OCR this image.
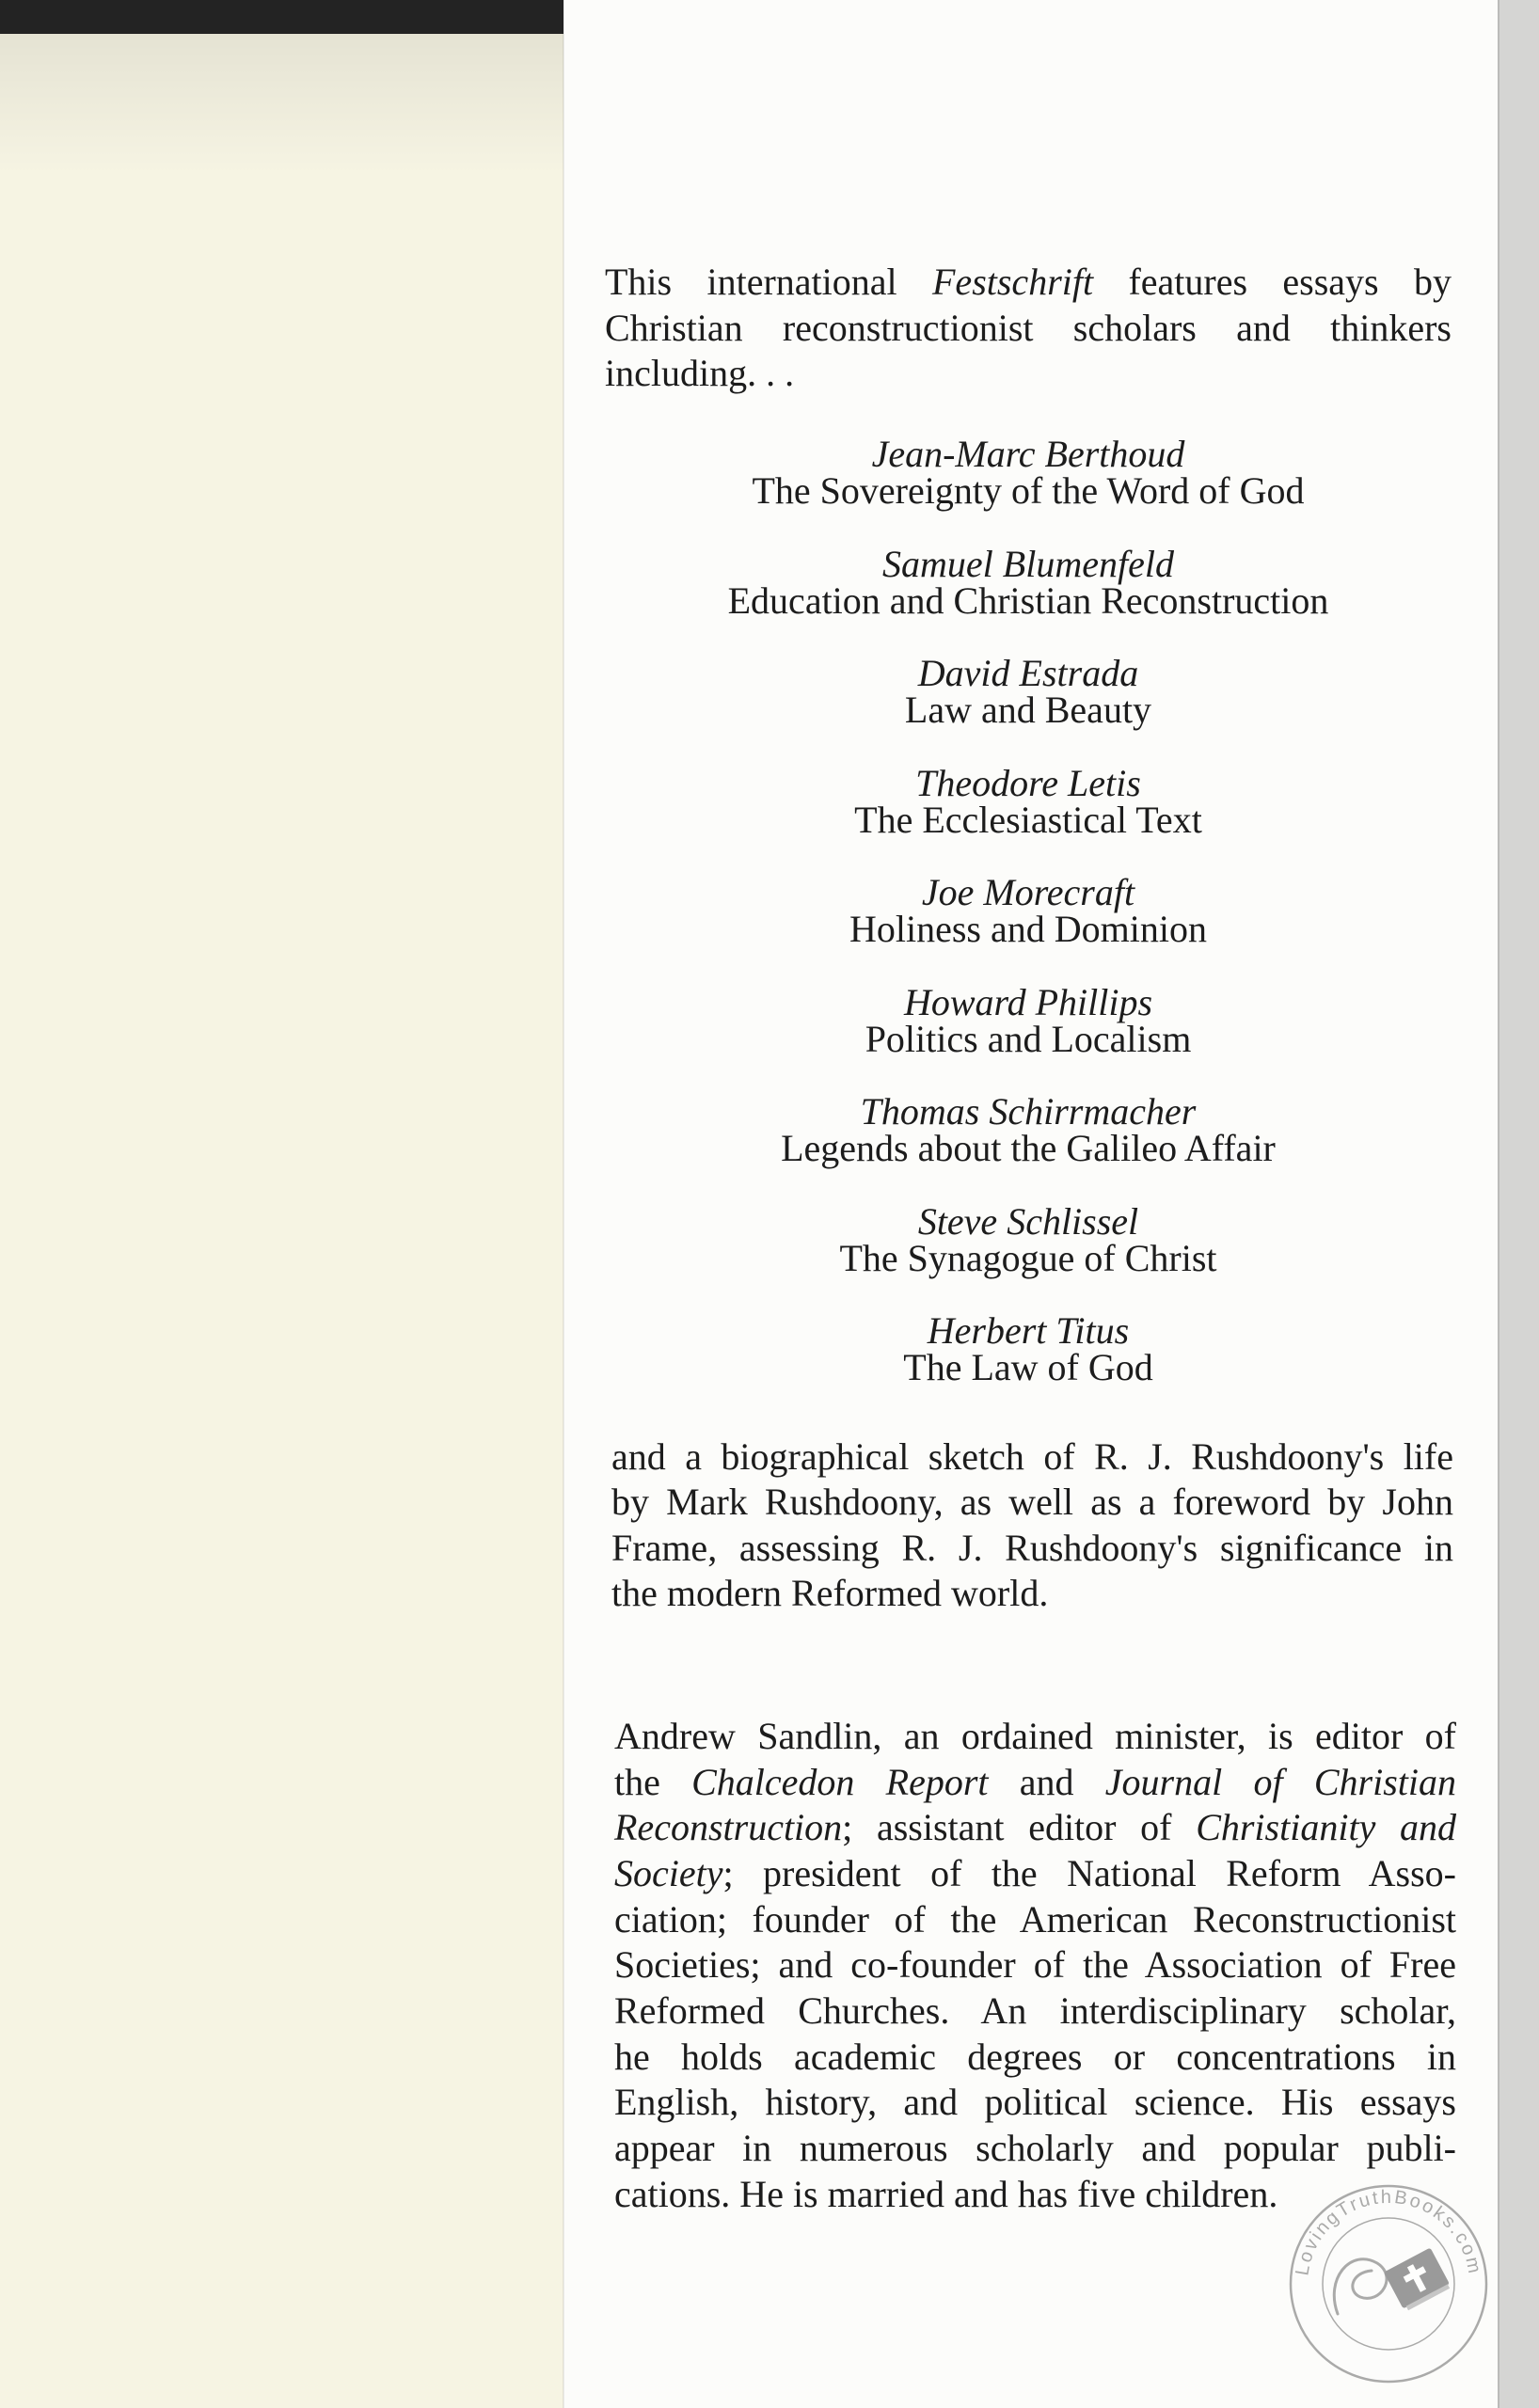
This international Festschrift features essays by
Christian reconstructionist scholars and thinkers
including. . .
Jean-Marc Berthoud
The Sovereignty of the Word of God
Samuel Blumenfeld
Education and Christian Reconstruction
David Estrada
Law and Beauty
Theodore Letis
The Ecclesiastical Text
Joe Morecraft
Holiness and Dominion
Howard Phillips
Politics and Localism
Thomas Schirrmacher
Legends about the Galileo Affair
Steve Schlissel
The Synagogue of Christ
Herbert Titus
The Law of God
and a biographical sketch of R. J. Rushdoony's life
by Mark Rushdoony, as well as a foreword by John
Frame, assessing R. J. Rushdoony's significance in
the modern Reformed world.
Andrew Sandlin, an ordained minister, is editor of
the Chalcedon Report and Journal of Christian
Reconstruction; assistant editor of Christianity and
Society; president of the National Reform Asso-
ciation; founder of the American Reconstructionist
Societies; and co-founder of the Association of Free
Reformed Churches. An interdisciplinary scholar,
he holds academic degrees or concentrations in
English, history, and political science. His essays
appear in numerous scholarly and popular publi-
cations. He is married and has five children.
LovingTruthBooks.com
